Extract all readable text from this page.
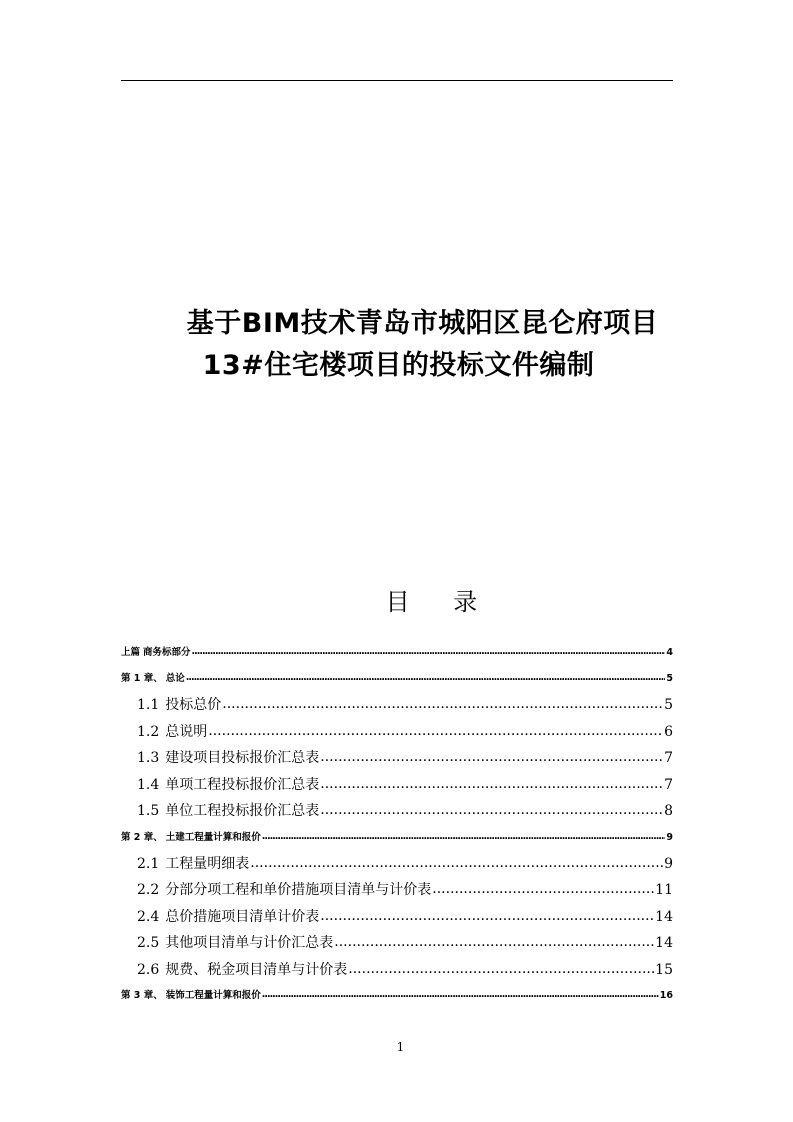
基于BIM技术青岛市城阳区昆仑府项目
13#住宅楼项目的投标文件编制
目 录
上篇 商务标部分 .....	4
第 1 章、 总论 .....	5
1.1 投标总价 .....	5
1.2 总说明 .....	6
1.3 建设项目投标报价汇总表 .....	7
1.4 单项工程投标报价汇总表 .....	7
1.5 单位工程投标报价汇总表 .....	8
第 2 章、 土建工程量计算和报价 .....	9
2.1 工程量明细表 .....	9
2.2 分部分项工程和单价措施项目清单与计价表 .....	11
2.4 总价措施项目清单计价表 .....	14
2.5 其他项目清单与计价汇总表 .....	14
2.6 规费、税金项目清单与计价表 .....	15
第 3 章、 装饰工程量计算和报价 .....	16
1
